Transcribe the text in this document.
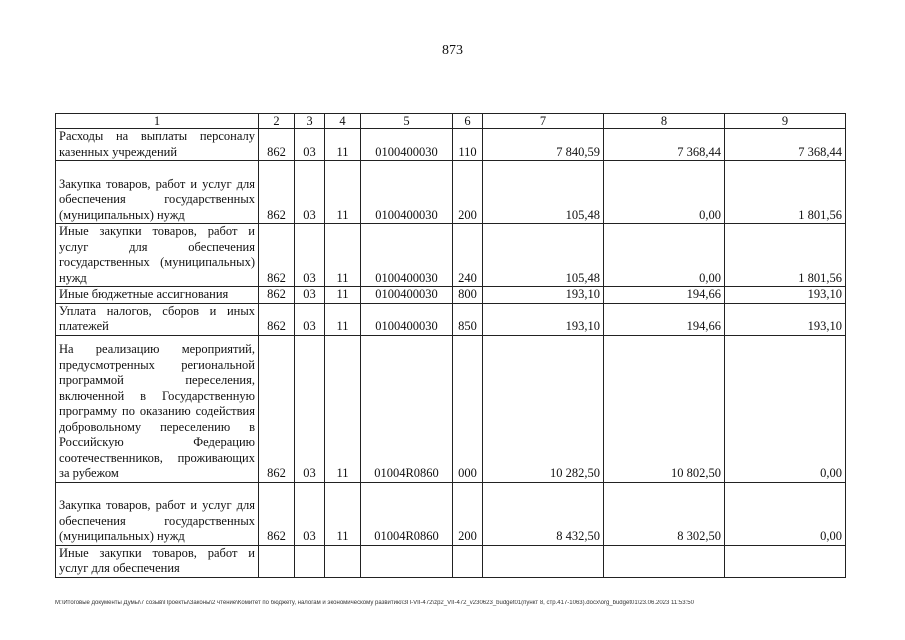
873
1	2	3	4	5	6	7	8	9
Расходы на выплаты персоналу казенных учреждений	862	03	11	0100400030	110	7 840,59	7 368,44	7 368,44
Закупка товаров, работ и услуг для обеспечения государственных (муниципальных) нужд	862	03	11	0100400030	200	105,48	0,00	1 801,56
Иные закупки товаров, работ и услуг для обеспечения государственных (муниципальных) нужд	862	03	11	0100400030	240	105,48	0,00	1 801,56
Иные бюджетные ассигнования	862	03	11	0100400030	800	193,10	194,66	193,10
Уплата налогов, сборов и иных платежей	862	03	11	0100400030	850	193,10	194,66	193,10
На реализацию мероприятий, предусмотренных региональной программой переселения, включенной в Государственную программу по оказанию содействия добровольному переселению в Российскую Федерацию соотечественников, проживающих за рубежом	862	03	11	01004R0860	000	10 282,50	10 802,50	0,00
Закупка товаров, работ и услуг для обеспечения государственных (муниципальных) нужд	862	03	11	01004R0860	200	8 432,50	8 302,50	0,00
Иные закупки товаров, работ и услуг для обеспечения								
M:\Итоговые документы Думы\7 созыв\Проекты\Законы\2 чтение\Комитет по бюджету, налогам и экономическому развитию\ЗП-VII-472\zp2_VII-472_v230623_budget01(пункт 8, стр.417-1063).docx\org_budget01\23.06.2023 11:53:50
